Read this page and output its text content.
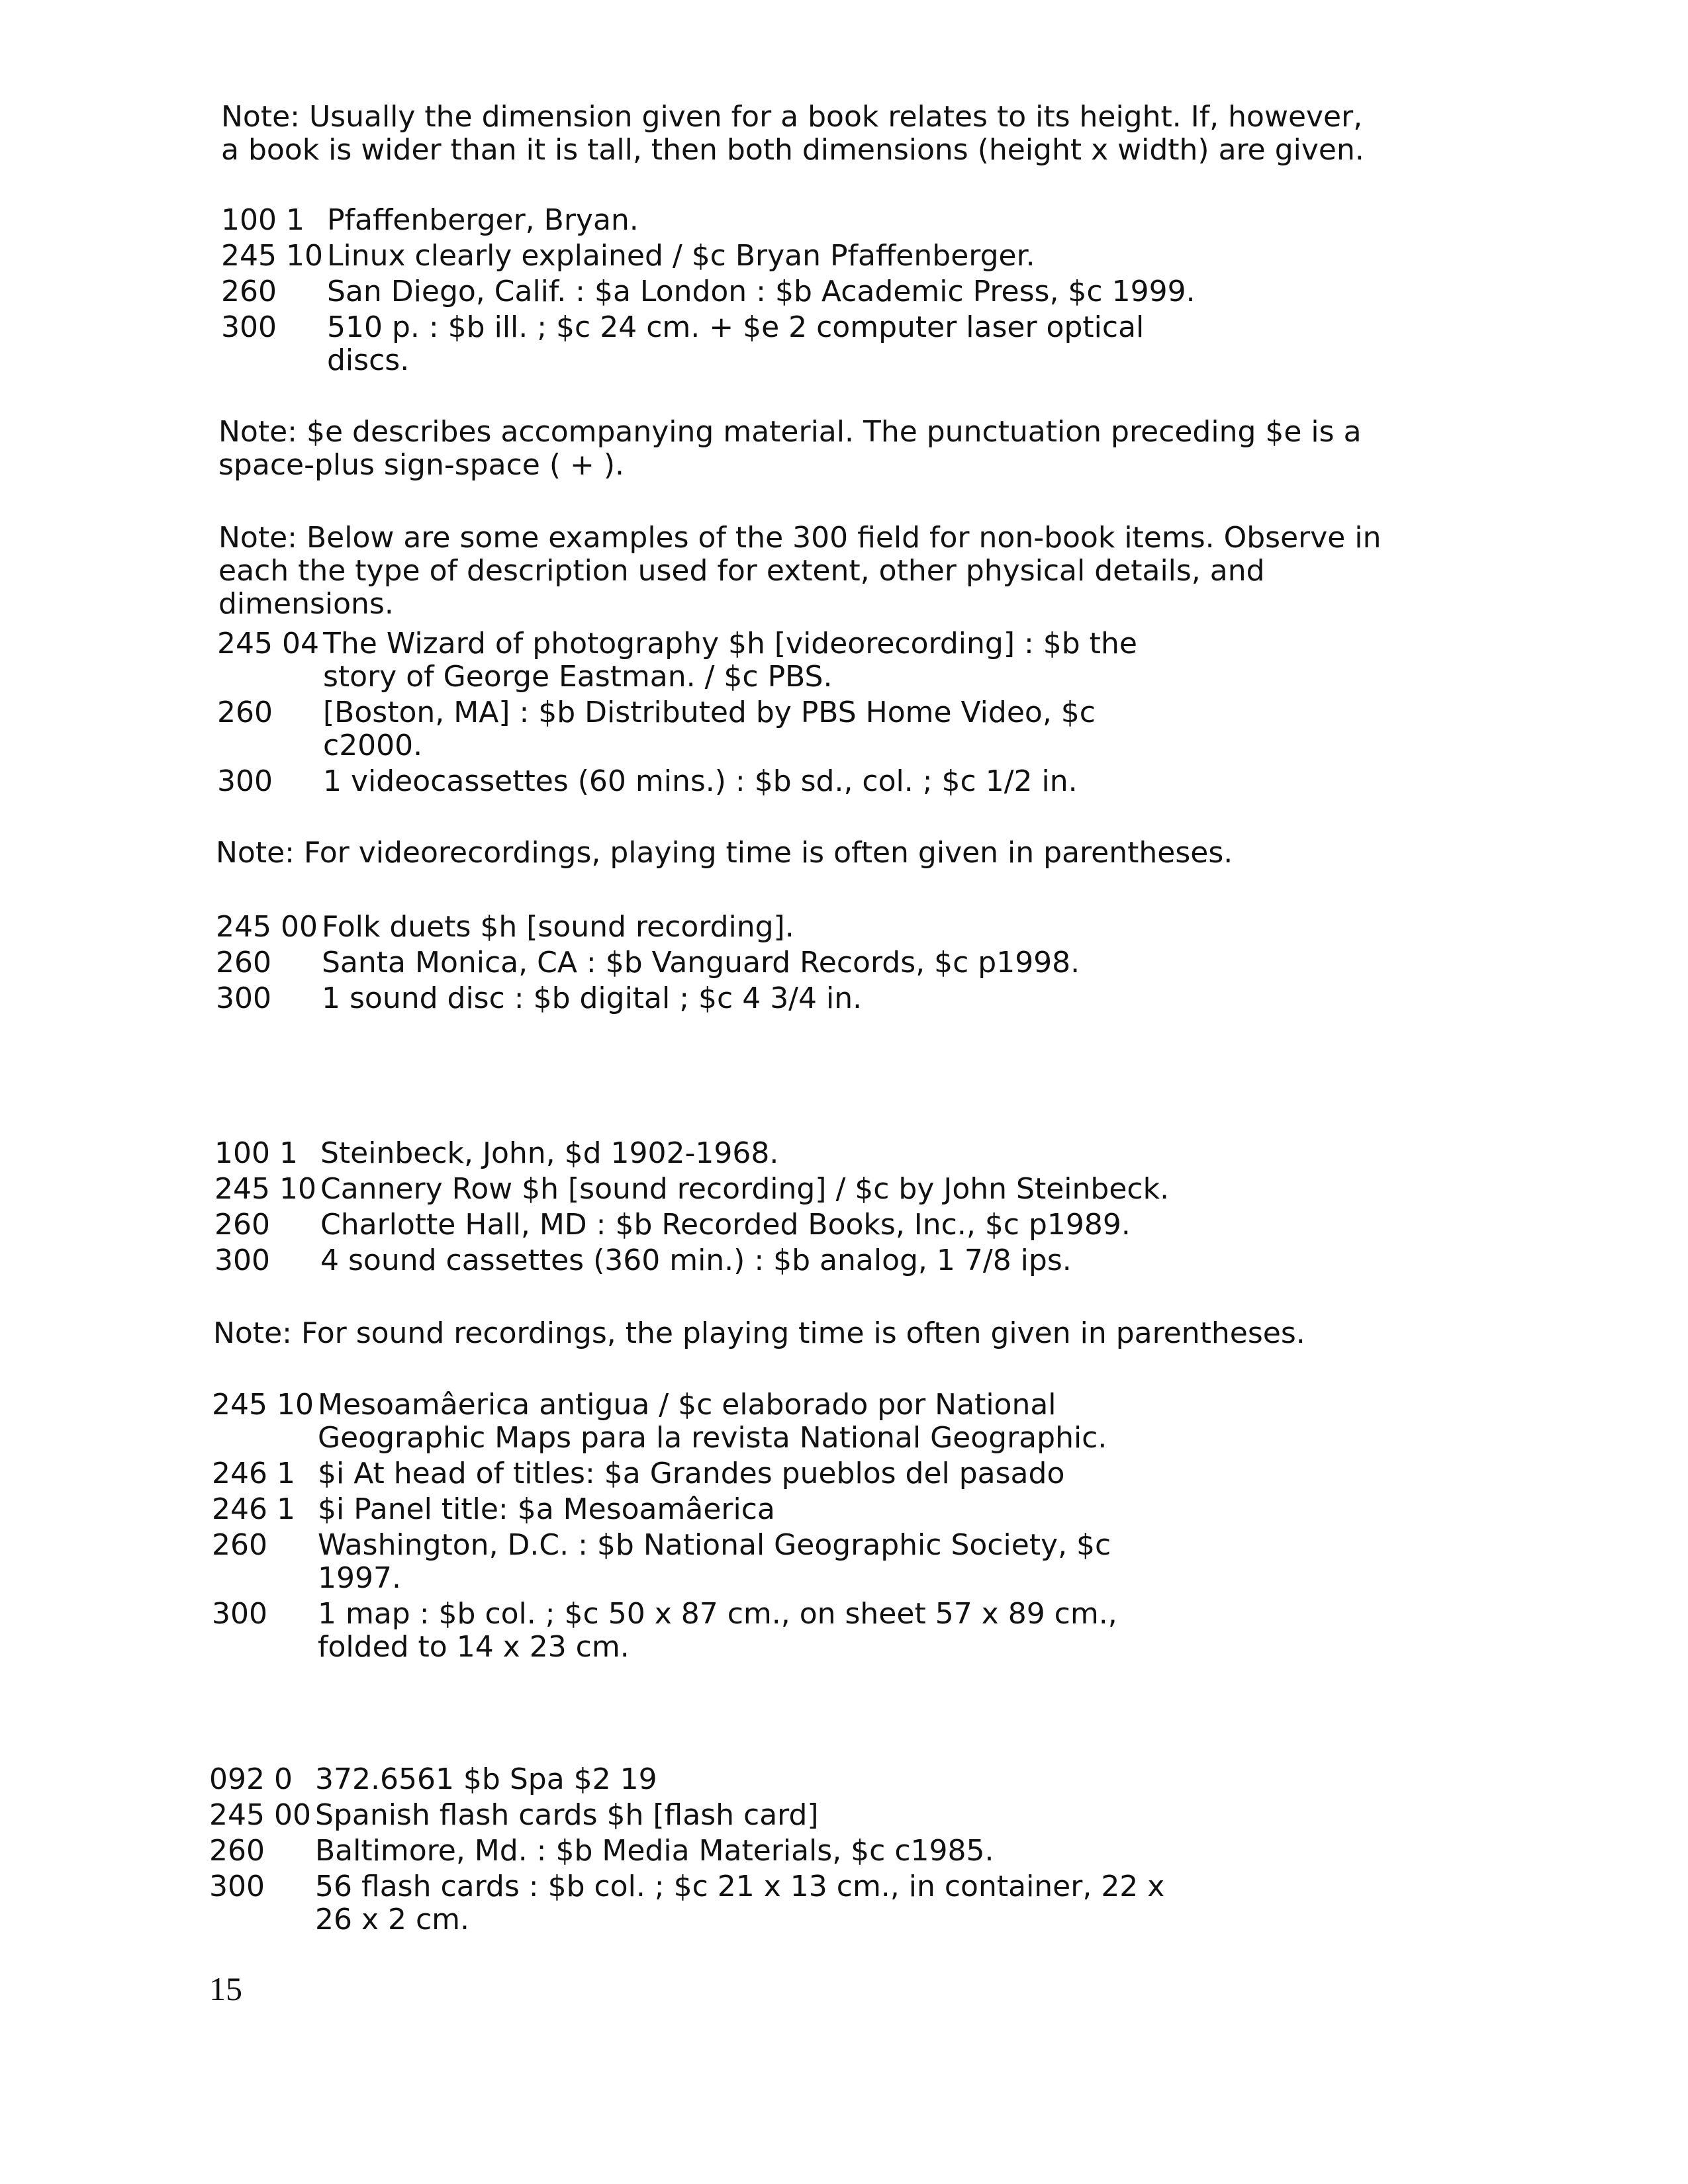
Note: Usually the dimension given for a book relates to its height. If, however, a book is wider than it is tall, then both dimensions (height x width) are given.

100 1 Pfaffenberger, Bryan.
245 10 Linux clearly explained / $c Bryan Pfaffenberger.
260	San Diego, Calif. : $a London : $b Academic Press, $c 1999.
300	510 p. : $b ill. ; $c 24 cm. + $e 2 computer laser optical discs.

Note: $e describes accompanying material. The punctuation preceding $e is a space-plus sign-space ( + ).

Note: Below are some examples of the 300 field for non-book items. Observe in each the type of description used for extent, other physical details, and dimensions.

245 04 The Wizard of photography $h [videorecording] : $b the story of George Eastman. / $c PBS.
260	[Boston, MA] : $b Distributed by PBS Home Video, $c c2000.
300	1 videocassettes (60 mins.) : $b sd., col. ; $c 1/2 in.

Note: For videorecordings, playing time is often given in parentheses.

245 00 Folk duets $h [sound recording].
260	Santa Monica, CA : $b Vanguard Records, $c p1998.
300	1 sound disc : $b digital ; $c 4 3/4 in.
100 1 Steinbeck, John, $d 1902-1968.
245 10 Cannery Row $h [sound recording] / $c by John Steinbeck.
260	Charlotte Hall, MD : $b Recorded Books, Inc., $c p1989.
300	4 sound cassettes (360 min.) : $b analog, 1 7/8 ips.

Note: For sound recordings, the playing time is often given in parentheses.

245 10 Mesoamâerica antigua / $c elaborado por National Geographic Maps para la revista National Geographic.
246 1 $i At head of titles: $a Grandes pueblos del pasado
246 1 $i Panel title: $a Mesoamâerica
260	Washington, D.C. : $b National Geographic Society, $c 1997.
300	1 map : $b col. ; $c 50 x 87 cm., on sheet 57 x 89 cm., folded to 14 x 23 cm.
092 0 372.6561 $b Spa $2 19
245 00 Spanish flash cards $h [flash card]
260	Baltimore, Md. : $b Media Materials, $c c1985.
300	56 flash cards : $b col. ; $c 21 x 13 cm., in container, 22 x 26 x 2 cm.
15
